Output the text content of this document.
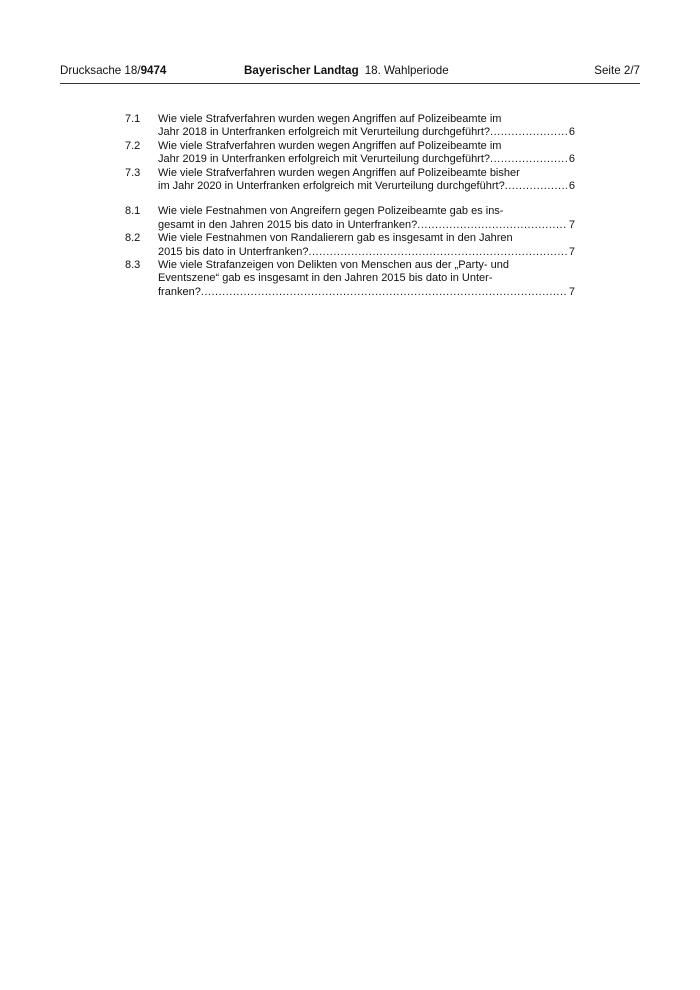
Drucksache 18/9474	Bayerischer Landtag 18. Wahlperiode	Seite 2/7
7.1 Wie viele Strafverfahren wurden wegen Angriffen auf Polizeibeamte im
Jahr 2018 in Unterfranken erfolgreich mit Verurteilung durchgeführt? .....	6
7.2 Wie viele Strafverfahren wurden wegen Angriffen auf Polizeibeamte im
Jahr 2019 in Unterfranken erfolgreich mit Verurteilung durchgeführt? .....	6
7.3 Wie viele Strafverfahren wurden wegen Angriffen auf Polizeibeamte bisher
im Jahr 2020 in Unterfranken erfolgreich mit Verurteilung durchgeführt? .....	6
8.1 Wie viele Festnahmen von Angreifern gegen Polizeibeamte gab es ins-
gesamt in den Jahren 2015 bis dato in Unterfranken? .....	7
8.2 Wie viele Festnahmen von Randalierern gab es insgesamt in den Jahren
2015 bis dato in Unterfranken? .....	7
8.3 Wie viele Strafanzeigen von Delikten von Menschen aus der „Party- und
Eventszene“ gab es insgesamt in den Jahren 2015 bis dato in Unter-
franken? .....	7
